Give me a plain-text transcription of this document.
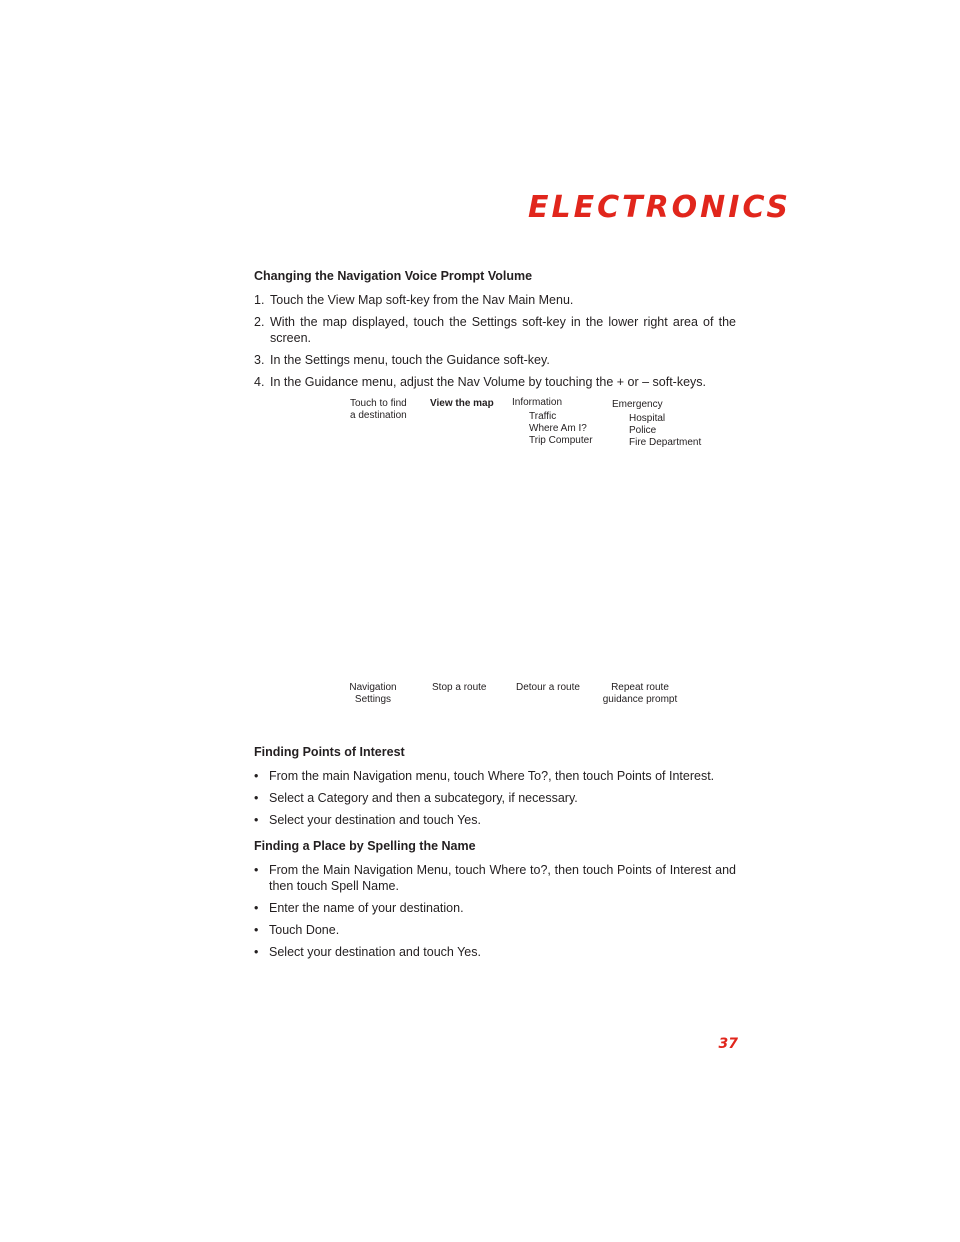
ELECTRONICS
Changing the Navigation Voice Prompt Volume
1. Touch the View Map soft-key from the Nav Main Menu.
2. With the map displayed, touch the Settings soft-key in the lower right area of the screen.
3. In the Settings menu, touch the Guidance soft-key.
4. In the Guidance menu, adjust the Nav Volume by touching the + or – soft-keys.
Touch to find
a destination
View the map Information
Traffic
Where Am I?
Trip Computer
Emergency
Hospital
Police
Fire Department
Navigation
Settings
Stop a route	Detour a route	Repeat route
guidance prompt
Finding Points of Interest
• From the main Navigation menu, touch Where To?, then touch Points of Interest.
• Select a Category and then a subcategory, if necessary.
• Select your destination and touch Yes.
Finding a Place by Spelling the Name
• From the Main Navigation Menu, touch Where to?, then touch Points of Interest and then touch Spell Name.
• Enter the name of your destination.
• Touch Done.
• Select your destination and touch Yes.
37
